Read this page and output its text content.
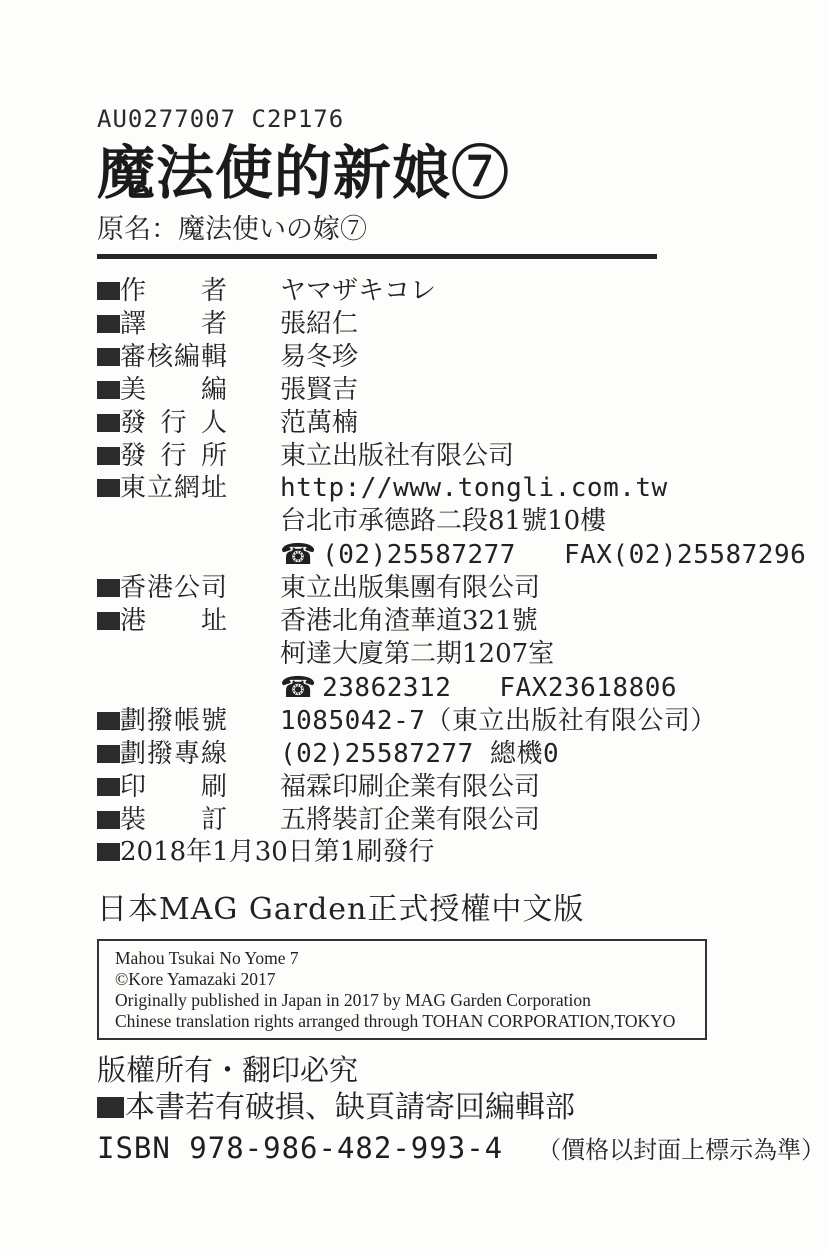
AU0277007 C2P176
魔法使的新娘⑦
原名：魔法使いの嫁⑦
作者 ヤマザキコレ
譯者 張紹仁
審核編輯 易冬珍
美編 張賢吉
發行人 范萬楠
發行所 東立出版社有限公司
東立網址 http://www.tongli.com.tw
台北市承德路二段81號10樓
☎ (02)25587277 FAX(02)25587296
香港公司 東立出版集團有限公司
港址 香港北角渣華道321號
柯達大廈第二期1207室
☎ 23862312 FAX23618806
劃撥帳號 1085042-7（東立出版社有限公司）
劃撥專線 (02)25587277 總機0
印刷 福霖印刷企業有限公司
裝訂 五將裝訂企業有限公司
2018年1月30日第1刷發行
日本MAG Garden正式授權中文版
Mahou Tsukai No Yome 7
©Kore Yamazaki 2017
Originally published in Japan in 2017 by MAG Garden Corporation
Chinese translation rights arranged through TOHAN CORPORATION,TOKYO
版權所有・翻印必究
本書若有破損、缺頁請寄回編輯部
ISBN 978-986-482-993-4 （價格以封面上標示為準）
